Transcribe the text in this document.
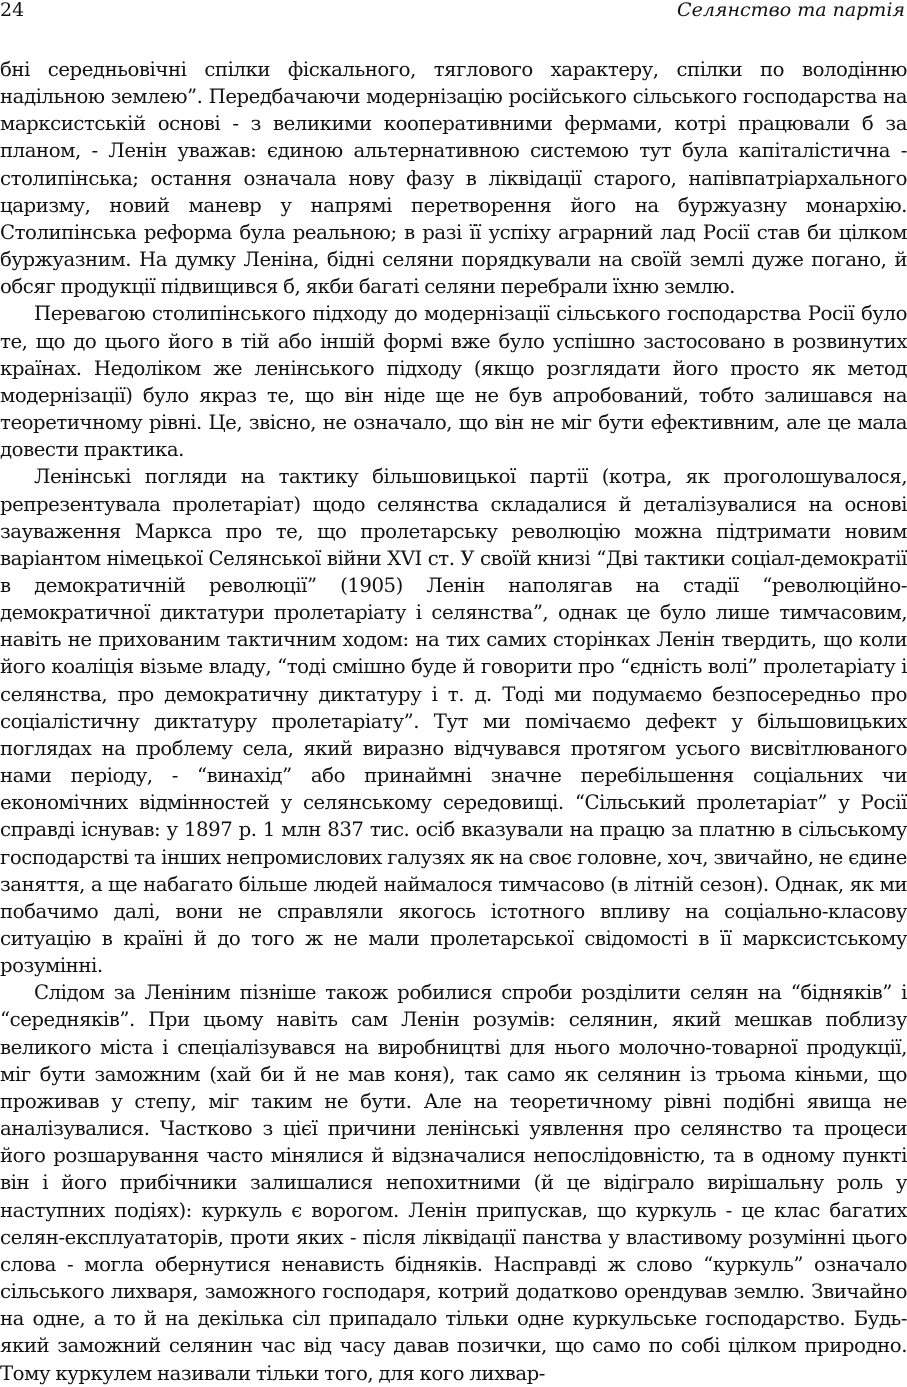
24	Селянство та партія

бні середньовічні спілки фіскального, тяглового характеру, спілки по володінню надільною землею”. Передбачаючи модернізацію російського сільського господарства на марксистській основі - з великими кооперативними фермами, котрі працювали б за планом, - Ленін уважав: єдиною альтернативною системою тут була капіталістична - столипінська; остання означала нову фазу в ліквідації старого, напівпатріархального царизму, новий маневр у напрямі перетворення його на буржуазну монархію. Столипінська реформа була реальною; в разі її успіху аграрний лад Росії став би цілком буржуазним. На думку Леніна, бідні селяни порядкували на своїй землі дуже погано, й обсяг продукції підвищився б, якби багаті селяни перебрали їхню землю.

Перевагою столипінського підходу до модернізації сільського господарства Росії було те, що до цього його в тій або іншій формі вже було успішно застосовано в розвинутих країнах. Недоліком же ленінського підходу (якщо розглядати його просто як метод модернізації) було якраз те, що він ніде ще не був апробований, тобто залишався на теоретичному рівні. Це, звісно, не означало, що він не міг бути ефективним, але це мала довести практика.

Ленінські погляди на тактику більшовицької партії (котра, як проголошувалося, репрезентувала пролетаріат) щодо селянства складалися й деталізувалися на основі зауваження Маркса про те, що пролетарську революцію можна підтримати новим варіантом німецької Селянської війни XVI ст. У своїй книзі “Дві тактики соціал-демократії в демократичній революції” (1905) Ленін наполягав на стадії “революційно-демократичної диктатури пролетаріату і селянства”, однак це було лише тимчасовим, навіть не прихованим тактичним ходом: на тих самих сторінках Ленін твердить, що коли його коаліція візьме владу, “тоді смішно буде й говорити про “єдність волі” пролетаріату і селянства, про демократичну диктатуру і т. д. Тоді ми подумаємо безпосередньо про соціалістичну диктатуру пролетаріату”. Тут ми помічаємо дефект у більшовицьких поглядах на проблему села, який виразно відчувався протягом усього висвітлюваного нами періоду, - “винахід” або принаймні значне перебільшення соціальних чи економічних відмінностей у селянському середовищі. “Сільський пролетаріат” у Росії справді існував: у 1897 р. 1 млн 837 тис. осіб вказували на працю за платню в сільському господарстві та інших непромислових галузях як на своє головне, хоч, звичайно, не єдине заняття, а ще набагато більше людей наймалося тимчасово (в літній сезон). Однак, як ми побачимо далі, вони не справляли якогось істотного впливу на соціально-класову ситуацію в країні й до того ж не мали пролетарської свідомості в її марксистському розумінні.

Слідом за Леніним пізніше також робилися спроби розділити селян на “бідняків” і “середняків”. При цьому навіть сам Ленін розумів: селянин, який мешкав поблизу великого міста і спеціалізувався на виробництві для нього молочно-товарної продукції, міг бути заможним (хай би й не мав коня), так само як селянин із трьома кіньми, що проживав у степу, міг таким не бути. Але на теоретичному рівні подібні явища не аналізувалися. Частково з цієї причини ленінські уявлення про селянство та процеси його розшарування часто мінялися й відзначалися непослідовністю, та в одному пункті він і його прибічники залишалися непохитними (й це відіграло вирішальну роль у наступних подіях): куркуль є ворогом. Ленін припускав, що куркуль - це клас багатих селян-експлуататорів, проти яких - після ліквідації панства у властивому розумінні цього слова - могла обернутися ненависть бідняків. Насправді ж слово “куркуль” означало сільського лихваря, заможного господаря, котрий додатково орендував землю. Звичайно на одне, а то й на декілька сіл припадало тільки одне куркульське господарство. Будь-який заможний селянин час від часу давав позички, що само по собі цілком природно. Тому куркулем називали тільки того, для кого лихвар-
